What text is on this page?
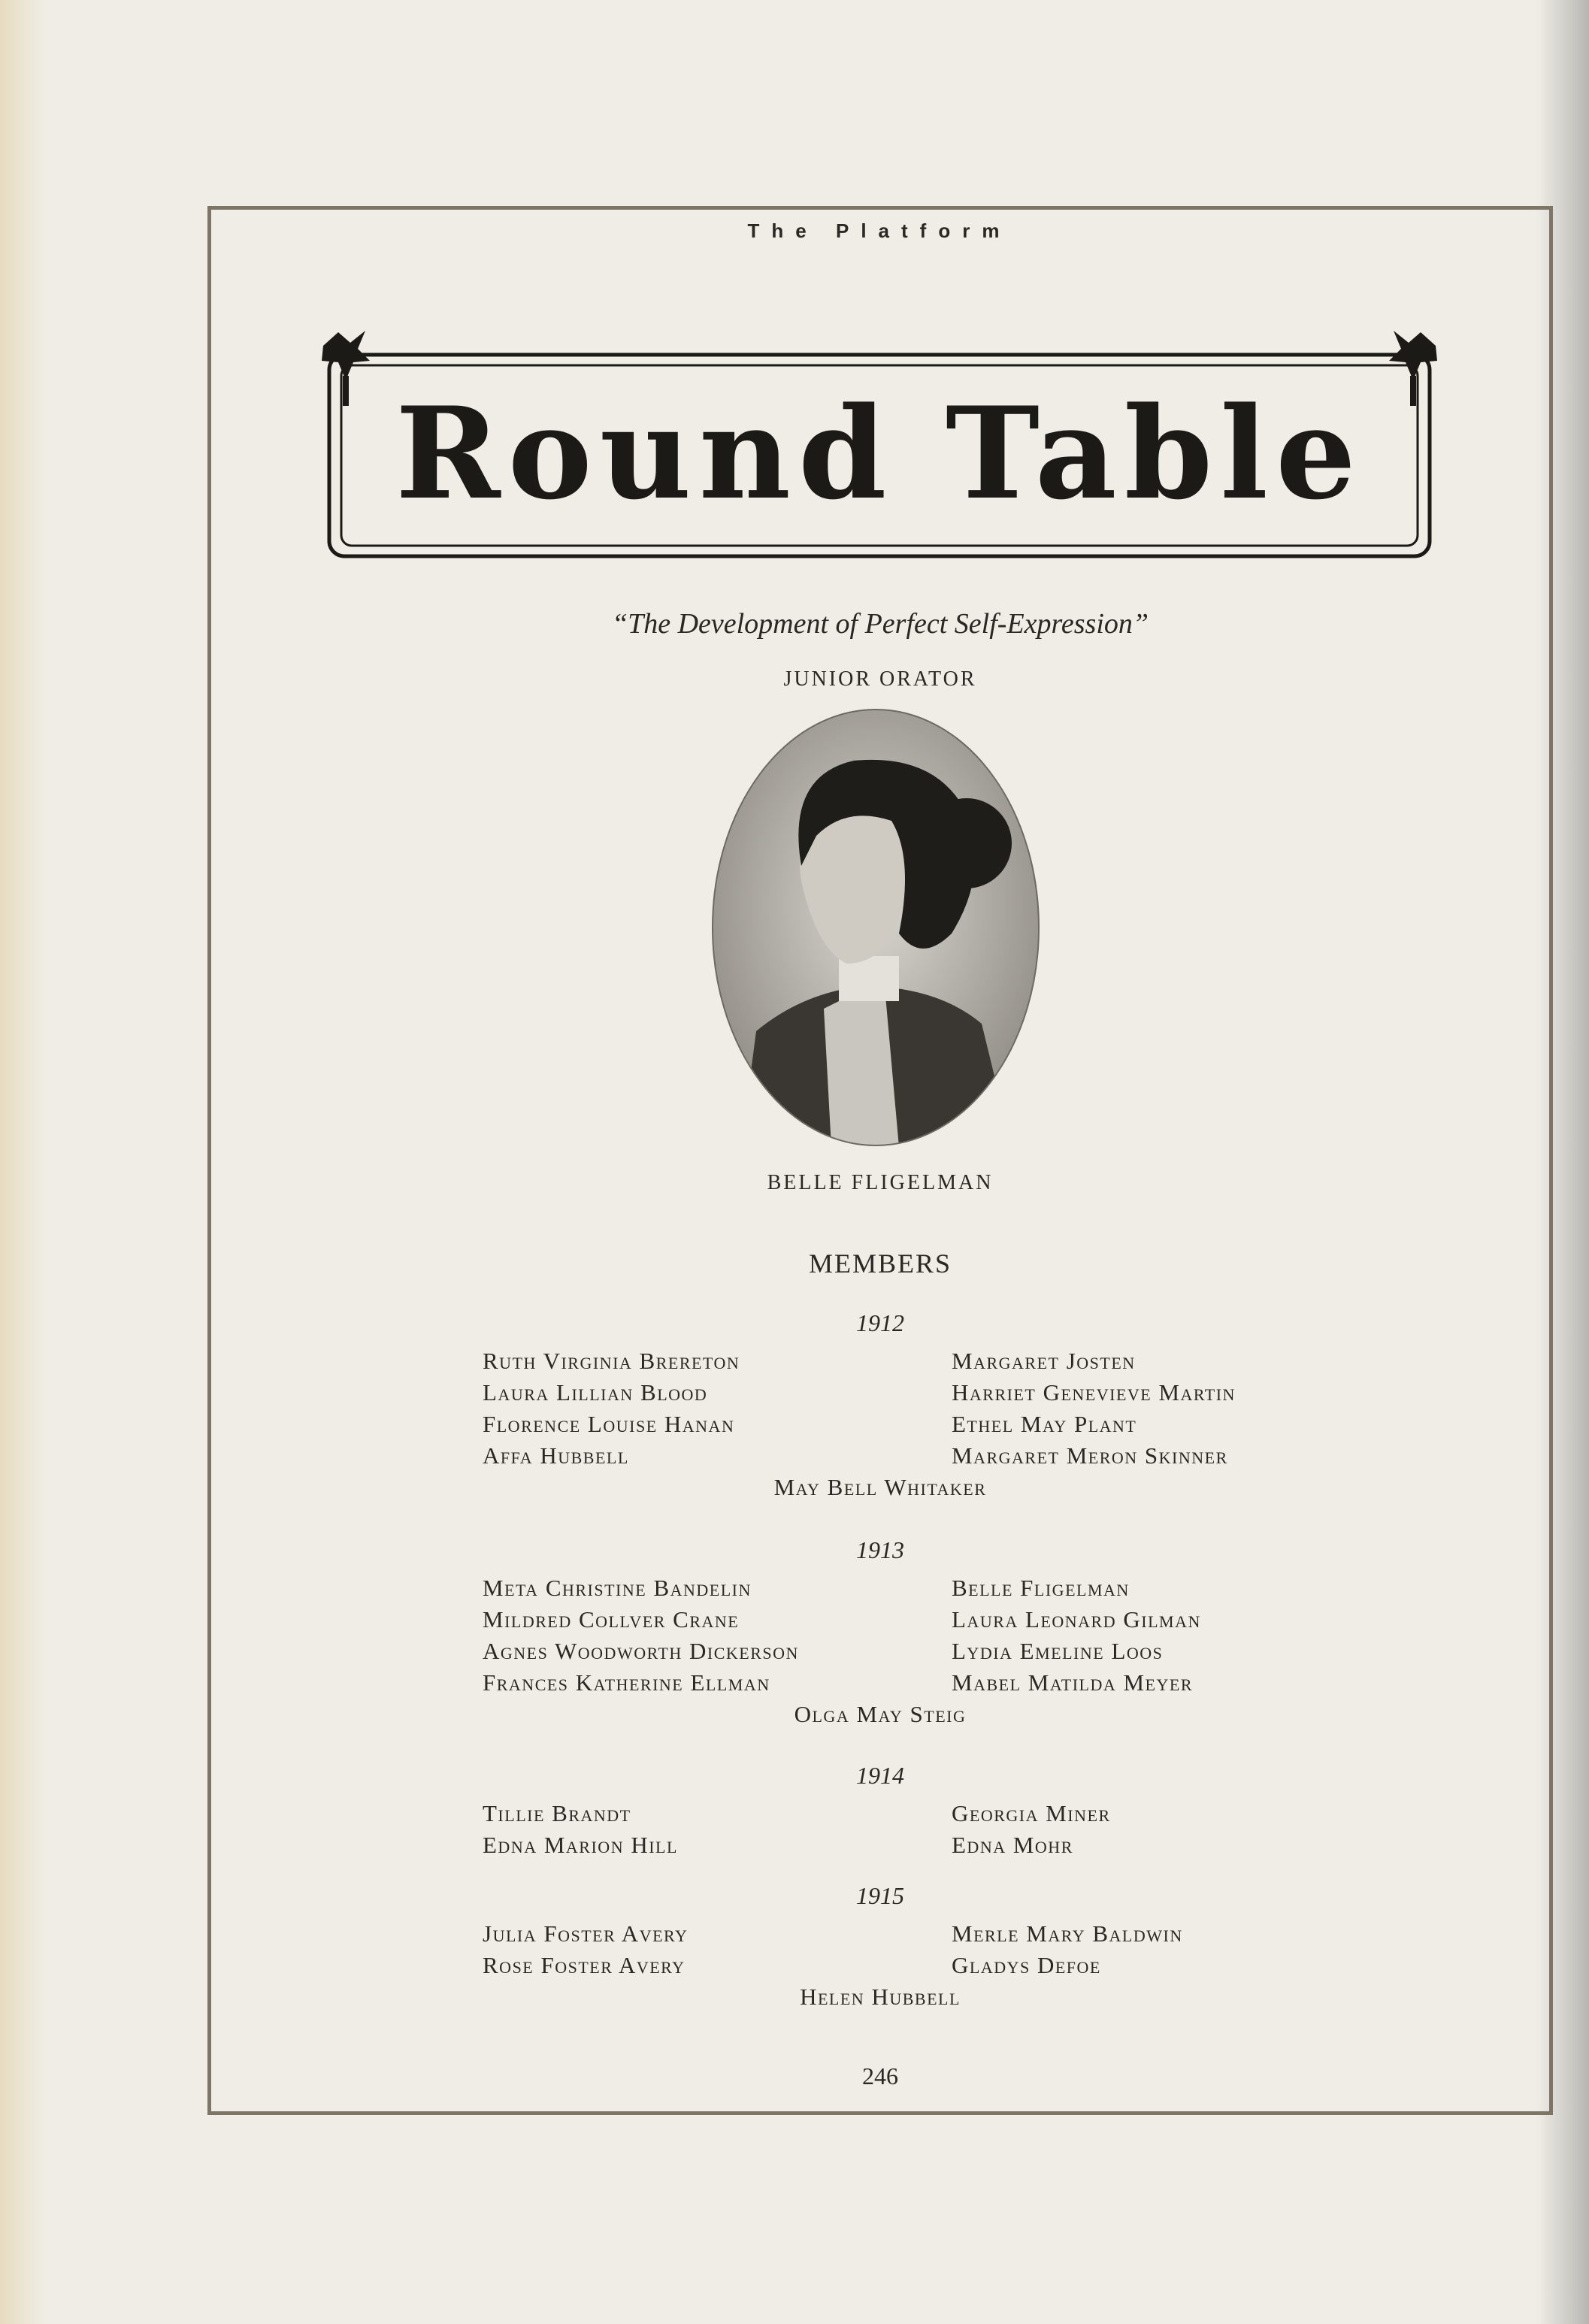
The Platform
Round Table
“The Development of Perfect Self-Expression”
JUNIOR ORATOR
BELLE FLIGELMAN
MEMBERS
1912
Ruth Virginia Brereton
Laura Lillian Blood
Florence Louise Hanan
Affa Hubbell
Margaret Josten
Harriet Genevieve Martin
Ethel May Plant
Margaret Meron Skinner
May Bell Whitaker
1913
Meta Christine Bandelin
Mildred Collver Crane
Agnes Woodworth Dickerson
Frances Katherine Ellman
Belle Fligelman
Laura Leonard Gilman
Lydia Emeline Loos
Mabel Matilda Meyer
Olga May Steig
1914
Tillie Brandt
Edna Marion Hill
Georgia Miner
Edna Mohr
1915
Julia Foster Avery
Rose Foster Avery
Merle Mary Baldwin
Gladys Defoe
Helen Hubbell
246
